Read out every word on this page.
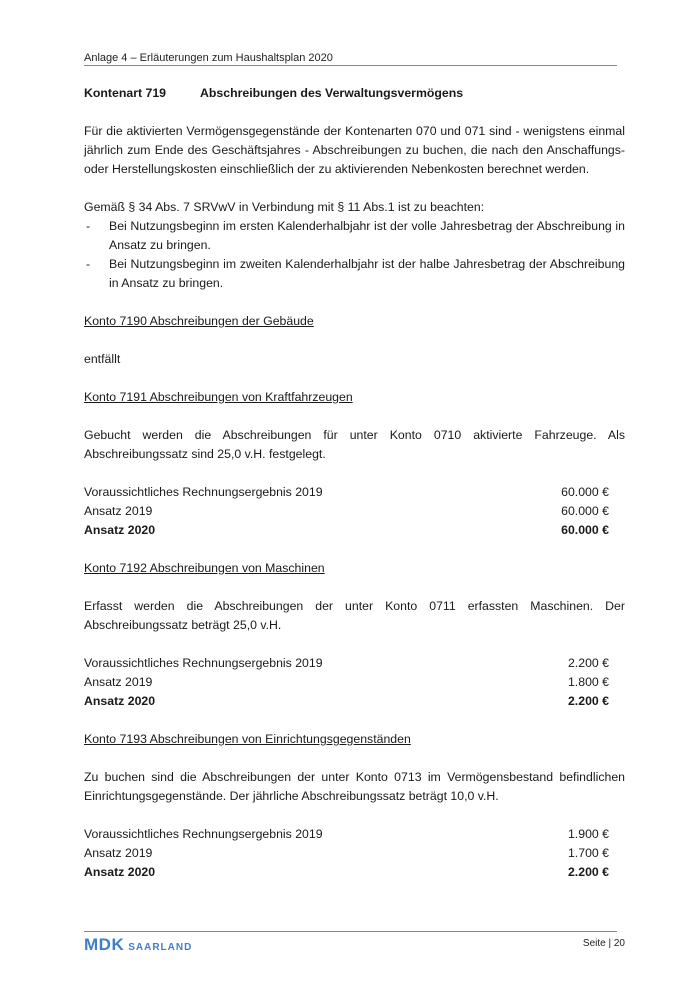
Anlage 4 – Erläuterungen zum Haushaltsplan 2020
Kontenart 719	Abschreibungen des Verwaltungsvermögens

Für die aktivierten Vermögensgegenstände der Kontenarten 070 und 071 sind - wenigstens einmal jährlich zum Ende des Geschäftsjahres - Abschreibungen zu buchen, die nach den Anschaffungs- oder Herstellungskosten einschließlich der zu aktivierenden Nebenkosten berechnet werden.

Gemäß § 34 Abs. 7 SRVwV in Verbindung mit § 11 Abs.1 ist zu beachten:

- Bei Nutzungsbeginn im ersten Kalenderhalbjahr ist der volle Jahresbetrag der Abschreibung in Ansatz zu bringen.
- Bei Nutzungsbeginn im zweiten Kalenderhalbjahr ist der halbe Jahresbetrag der Abschreibung in Ansatz zu bringen.

Konto 7190 Abschreibungen der Gebäude

entfällt

Konto 7191 Abschreibungen von Kraftfahrzeugen

Gebucht werden die Abschreibungen für unter Konto 0710 aktivierte Fahrzeuge. Als Abschreibungssatz sind 25,0 v.H. festgelegt.

Voraussichtliches Rechnungsergebnis 2019	60.000 €
Ansatz 2019	60.000 €
Ansatz 2020	60.000 €

Konto 7192 Abschreibungen von Maschinen

Erfasst werden die Abschreibungen der unter Konto 0711 erfassten Maschinen. Der Abschreibungssatz beträgt 25,0 v.H.

Voraussichtliches Rechnungsergebnis 2019	2.200 €
Ansatz 2019	1.800 €
Ansatz 2020	2.200 €

Konto 7193 Abschreibungen von Einrichtungsgegenständen

Zu buchen sind die Abschreibungen der unter Konto 0713 im Vermögensbestand befindlichen Einrichtungsgegenstände. Der jährliche Abschreibungssatz beträgt 10,0 v.H.

Voraussichtliches Rechnungsergebnis 2019	1.900 €
Ansatz 2019	1.700 €
Ansatz 2020	2.200 €
MDK SAARLAND	Seite | 20
